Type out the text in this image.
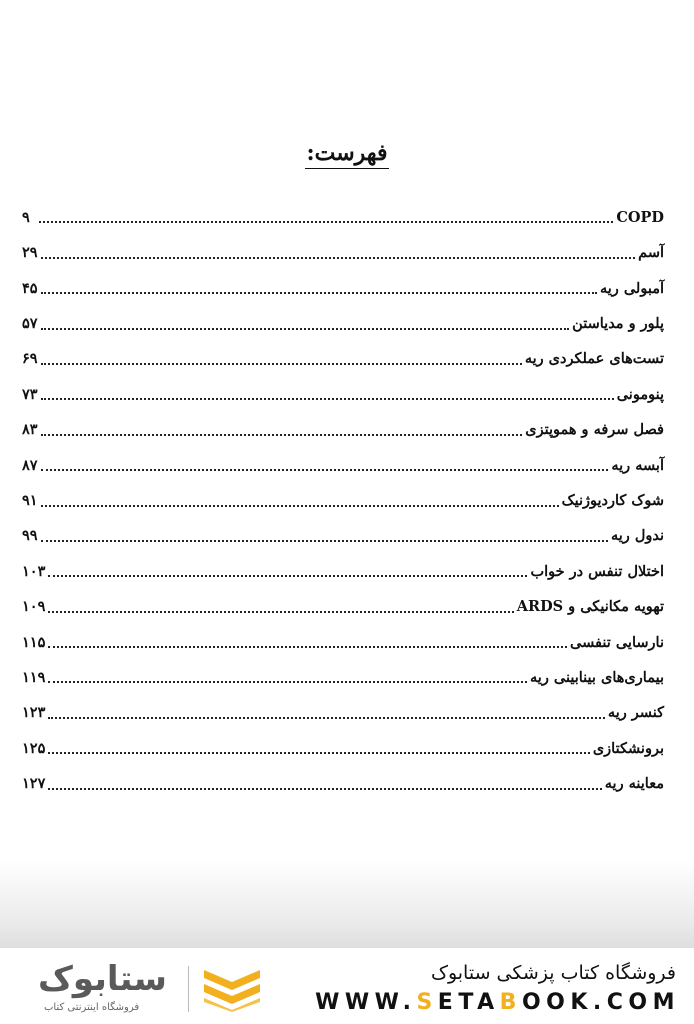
فهرست:
COPD
۹
آسم
۲۹
آمبولی ریه
۴۵
پلور و مدیاستن
۵۷
تست‌های عملکردی ریه
۶۹
پنومونی
۷۳
فصل سرفه و هموپتزی
۸۳
آبسه ریه
۸۷
شوک کاردیوژنیک
۹۱
ندول ریه
۹۹
اختلال تنفس در خواب
۱۰۳
تهویه مکانیکی و ARDS
۱۰۹
نارسایی تنفسی
۱۱۵
بیماری‌های بینابینی ریه
۱۱۹
کنسر ریه
۱۲۳
برونشکتازی
۱۲۵
معاینه ریه
۱۲۷
ستابوک
فروشگاه اینترنتی کتاب
فروشگاه کتاب پزشکی ستابوک
WWW.SETABOOK.COM
